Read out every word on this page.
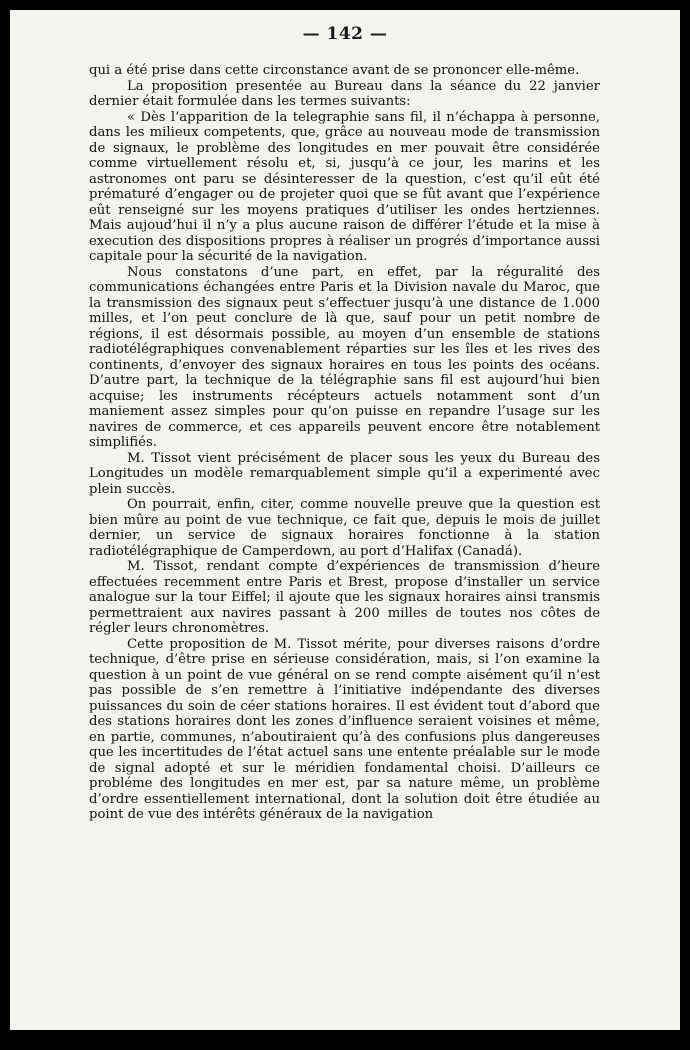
— 142 —

qui a été prise dans cette circonstance avant de se prononcer elle-même.

La proposition presentée au Bureau dans la séance du 22 janvier dernier était formulée dans les termes suivants:

« Dès l’apparition de la telegraphie sans fil, il n’échappa à personne, dans les milieux competents, que, grâce au nouveau mode de transmission de signaux, le problème des longitudes en mer pouvait être considérée comme virtuellement résolu et, si, jusqu’à ce jour, les marins et les astronomes ont paru se désinteresser de la question, c’est qu’il eût été prématuré d’engager ou de projeter quoi que se fût avant que l’expérience eût renseigné sur les moyens pratiques d’utiliser les ondes hertziennes. Mais aujoud’hui il n’y a plus aucune raison de différer l’étude et la mise à execution des dispositions propres à réaliser un progrés d’importance aussi capitale pour la sécurité de la navigation.

Nous constatons d’une part, en effet, par la réguralité des communications échangées entre Paris et la Division navale du Maroc, que la transmission des signaux peut s’effectuer jusqu’à une distance de 1.000 milles, et l’on peut conclure de là que, sauf pour un petit nombre de régions, il est désormais possible, au moyen d’un ensemble de stations radiotélégraphiques convenablement réparties sur les îles et les rives des continents, d’envoyer des signaux horaires en tous les points des océans. D’autre part, la technique de la télégraphie sans fil est aujourd’hui bien acquise; les instruments récépteurs actuels notamment sont d’un maniement assez simples pour qu’on puisse en repandre l’usage sur les navires de commerce, et ces appareils peuvent encore être notablement simplifiés.

M. Tissot vient précisément de placer sous les yeux du Bureau des Longitudes un modèle remarquablement simple qu’il a experimenté avec plein succès.

On pourrait, enfin, citer, comme nouvelle preuve que la question est bien mûre au point de vue technique, ce fait que, depuis le mois de juillet dernier, un service de signaux horaires fonctionne à la station radiotélégraphique de Camperdown, au port d’Halifax (Canadá).

M. Tissot, rendant compte d’expériences de transmission d’heure effectuées recemment entre Paris et Brest, propose d’installer un service analogue sur la tour Eiffel; il ajoute que les signaux horaires ainsi transmis permettraient aux navires passant à 200 milles de toutes nos côtes de régler leurs chronomètres.

Cette proposition de M. Tissot mérite, pour diverses raisons d’ordre technique, d’être prise en sérieuse considération, mais, si l’on examine la question à un point de vue général on se rend compte aisément qu’il n’est pas possible de s’en remettre à l’initiative indépendante des diverses puissances du soin de céer stations horaires. Il est évident tout d’abord que des stations horaires dont les zones d’influence seraient voisines et même, en partie, communes, n’aboutiraient qu’à des confusions plus dangereuses que les incertitudes de l’état actuel sans une entente préalable sur le mode de signal adopté et sur le méridien fondamental choisi. D’ailleurs ce probléme des longitudes en mer est, par sa nature même, un problème d’ordre essentiellement international, dont la solution doit être étudiée au point de vue des intérêts généraux de la navigation
